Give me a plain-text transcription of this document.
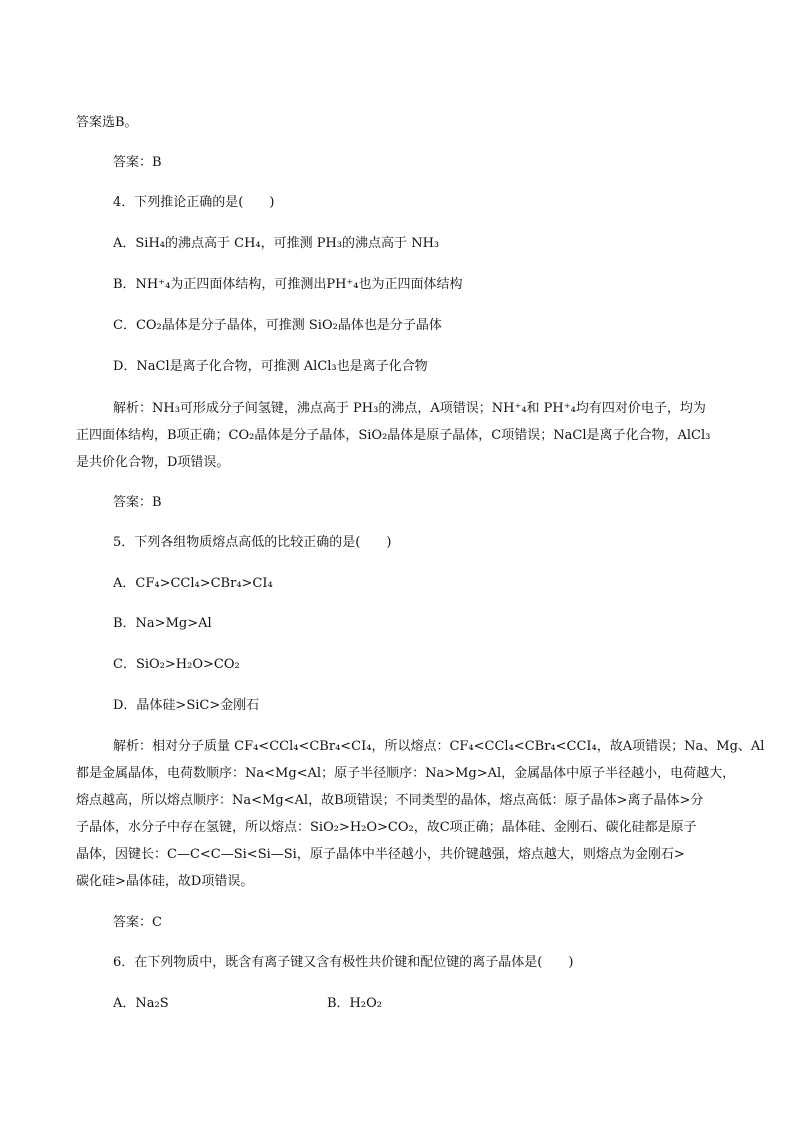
答案选B。
答案：B
4．下列推论正确的是(　　)
A．SiH₄的沸点高于 CH₄，可推测 PH₃的沸点高于 NH₃
B．NH⁺₄为正四面体结构，可推测出PH⁺₄也为正四面体结构
C．CO₂晶体是分子晶体，可推测 SiO₂晶体也是分子晶体
D．NaCl是离子化合物，可推测 AlCl₃也是离子化合物
解析：NH₃可形成分子间氢键，沸点高于 PH₃的沸点，A项错误；NH⁺₄和 PH⁺₄均有四对价电子，均为
正四面体结构，B项正确；CO₂晶体是分子晶体，SiO₂晶体是原子晶体，C项错误；NaCl是离子化合物，AlCl₃
是共价化合物，D项错误。
答案：B
5．下列各组物质熔点高低的比较正确的是(　　)
A．CF₄>CCl₄>CBr₄>CI₄
B．Na>Mg>Al
C．SiO₂>H₂O>CO₂
D．晶体硅>SiC>金刚石
解析：相对分子质量 CF₄<CCl₄<CBr₄<CI₄，所以熔点：CF₄<CCl₄<CBr₄<CCI₄，故A项错误；Na、Mg、Al
都是金属晶体，电荷数顺序：Na<Mg<Al；原子半径顺序：Na>Mg>Al，金属晶体中原子半径越小，电荷越大，
熔点越高，所以熔点顺序：Na<Mg<Al，故B项错误；不同类型的晶体，熔点高低：原子晶体>离子晶体>分
子晶体，水分子中存在氢键，所以熔点：SiO₂>H₂O>CO₂，故C项正确；晶体硅、金刚石、碳化硅都是原子
晶体，因键长：C—C<C—Si<Si—Si，原子晶体中半径越小，共价键越强，熔点越大，则熔点为金刚石>
碳化硅>晶体硅，故D项错误。
答案：C
6．在下列物质中，既含有离子键又含有极性共价键和配位键的离子晶体是(　　)
A．Na₂S	B．H₂O₂
